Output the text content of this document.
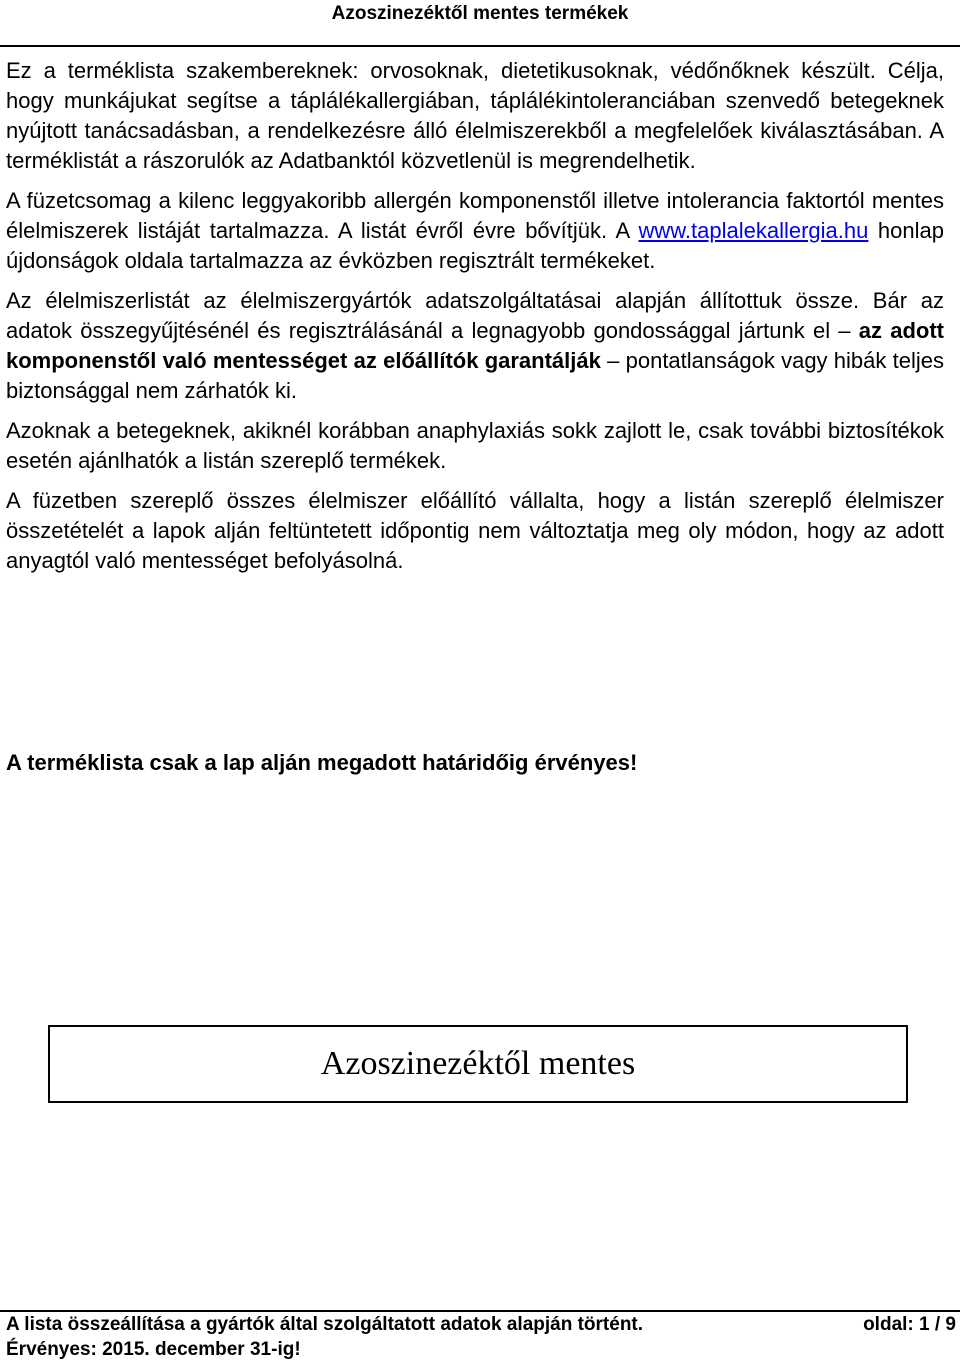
Azoszinezéktől mentes termékek

Ez a terméklista szakembereknek: orvosoknak, dietetikusoknak, védőnőknek készült. Célja, hogy munkájukat segítse a táplálékallergiában, táplálékintoleranciában szenvedő betegeknek nyújtott tanácsadásban, a rendelkezésre álló élelmiszerekből a megfelelőek kiválasztásában. A terméklistát a rászorulók az Adatbanktól közvetlenül is megrendelhetik.

A füzetcsomag a kilenc leggyakoribb allergén komponenstől illetve intolerancia faktortól mentes élelmiszerek listáját tartalmazza. A listát évről évre bővítjük. A www.taplalekallergia.hu honlap újdonságok oldala tartalmazza az évközben regisztrált termékeket.

Az élelmiszerlistát az élelmiszergyártók adatszolgáltatásai alapján állítottuk össze. Bár az adatok összegyűjtésénél és regisztrálásánál a legnagyobb gondossággal jártunk el – az adott komponenstől való mentességet az előállítók garantálják – pontatlanságok vagy hibák teljes biztonsággal nem zárhatók ki.

Azoknak a betegeknek, akiknél korábban anaphylaxiás sokk zajlott le, csak további biztosítékok esetén ajánlhatók a listán szereplő termékek.

A füzetben szereplő összes élelmiszer előállító vállalta, hogy a listán szereplő élelmiszer összetételét a lapok alján feltüntetett időpontig nem változtatja meg oly módon, hogy az adott anyagtól való mentességet befolyásolná.

A terméklista csak a lap alján megadott határidőig érvényes!
Azoszinezéktől mentes
A lista összeállítása a gyártók által szolgáltatott adatok alapján történt.
Érvényes: 2015. december 31-ig!
oldal: 1 / 9
